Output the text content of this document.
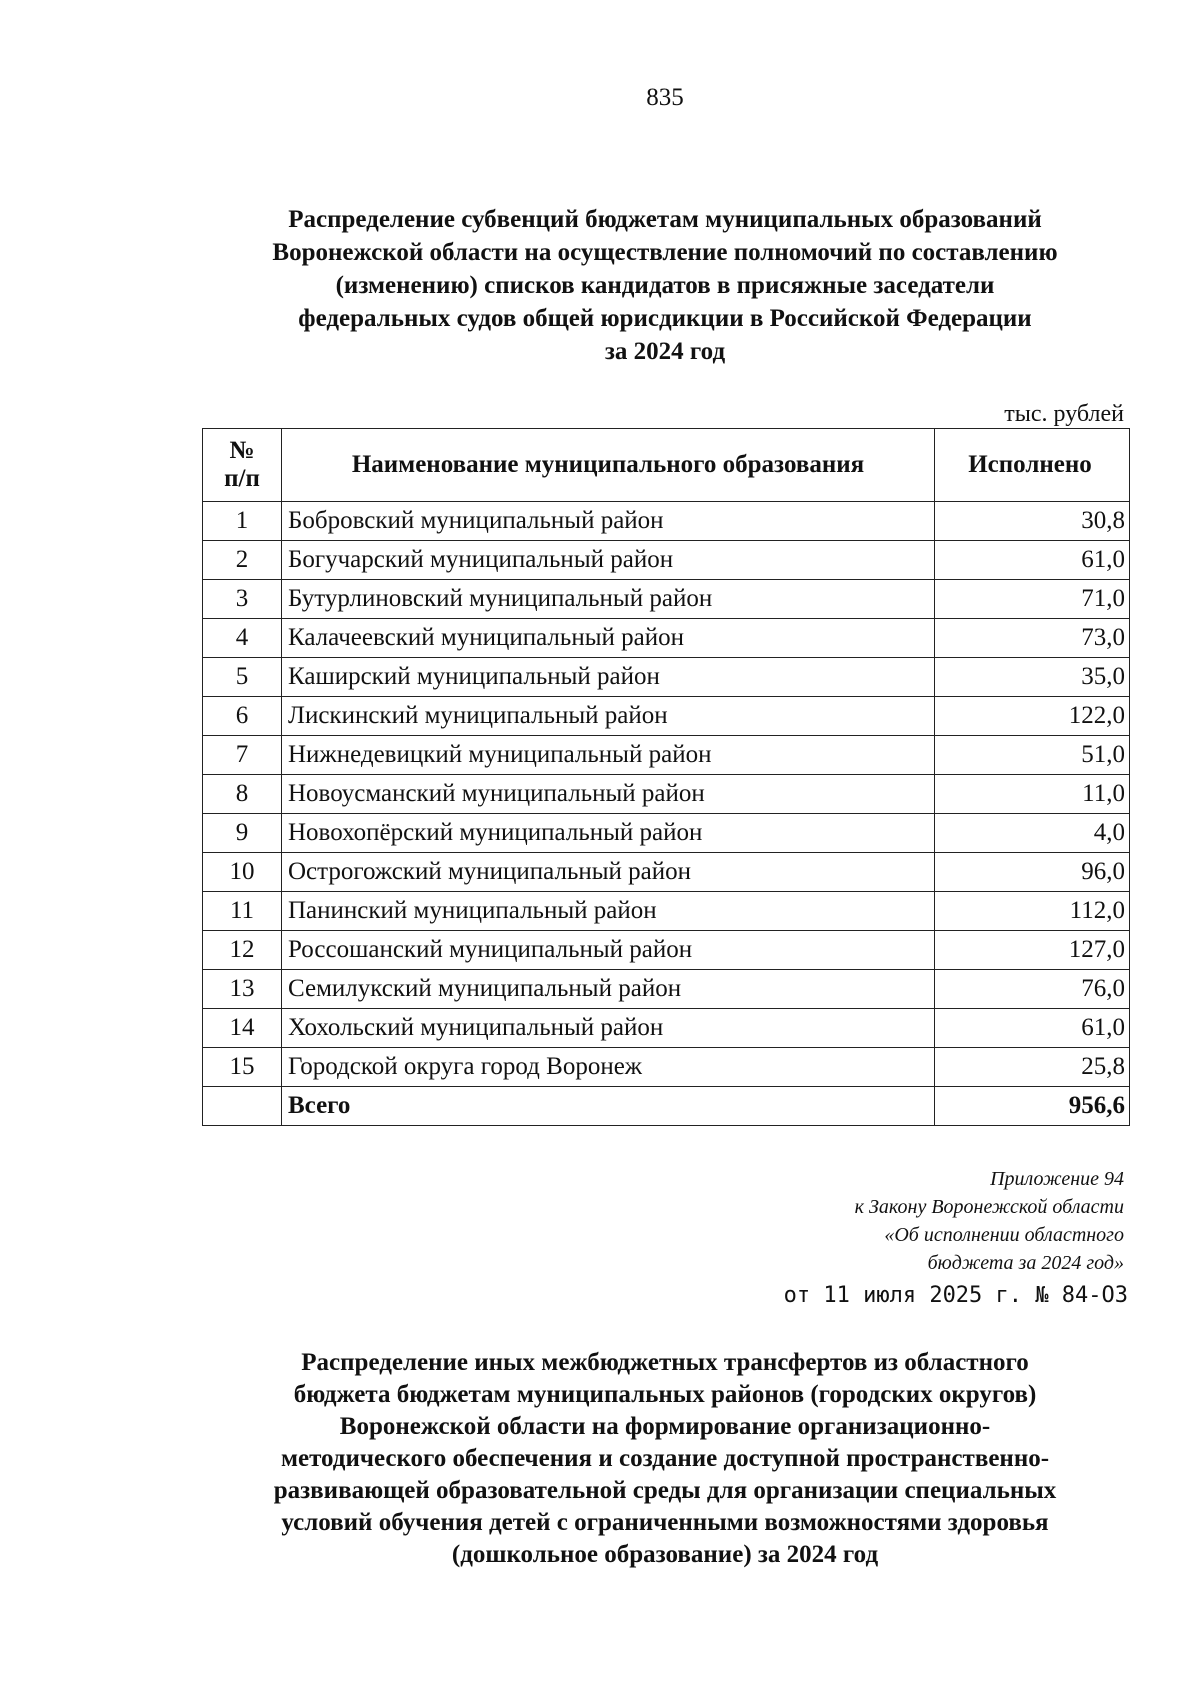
835
Распределение субвенций бюджетам муниципальных образований
Воронежской области на осуществление полномочий по составлению
(изменению) списков кандидатов в присяжные заседатели
федеральных судов общей юрисдикции в Российской Федерации
за 2024 год
тыс. рублей
№
п/п	Наименование муниципального образования	Исполнено
1	Бобровский муниципальный район	30,8
2	Богучарский муниципальный район	61,0
3	Бутурлиновский муниципальный район	71,0
4	Калачеевский муниципальный район	73,0
5	Каширский муниципальный район	35,0
6	Лискинский муниципальный район	122,0
7	Нижнедевицкий муниципальный район	51,0
8	Новоусманский муниципальный район	11,0
9	Новохопёрский муниципальный район	4,0
10	Острогожский муниципальный район	96,0
11	Панинский муниципальный район	112,0
12	Россошанский муниципальный район	127,0
13	Семилукский муниципальный район	76,0
14	Хохольский муниципальный район	61,0
15	Городской округа город Воронеж	25,8
	Всего	956,6
Приложение 94
к Закону Воронежской области
«Об исполнении областного
бюджета за 2024 год»
от 11 июля 2025 г. № 84-ОЗ
Распределение иных межбюджетных трансфертов из областного
бюджета бюджетам муниципальных районов (городских округов)
Воронежской области на формирование организационно-
методического обеспечения и создание доступной пространственно-
развивающей образовательной среды для организации специальных
условий обучения детей с ограниченными возможностями здоровья
(дошкольное образование) за 2024 год
